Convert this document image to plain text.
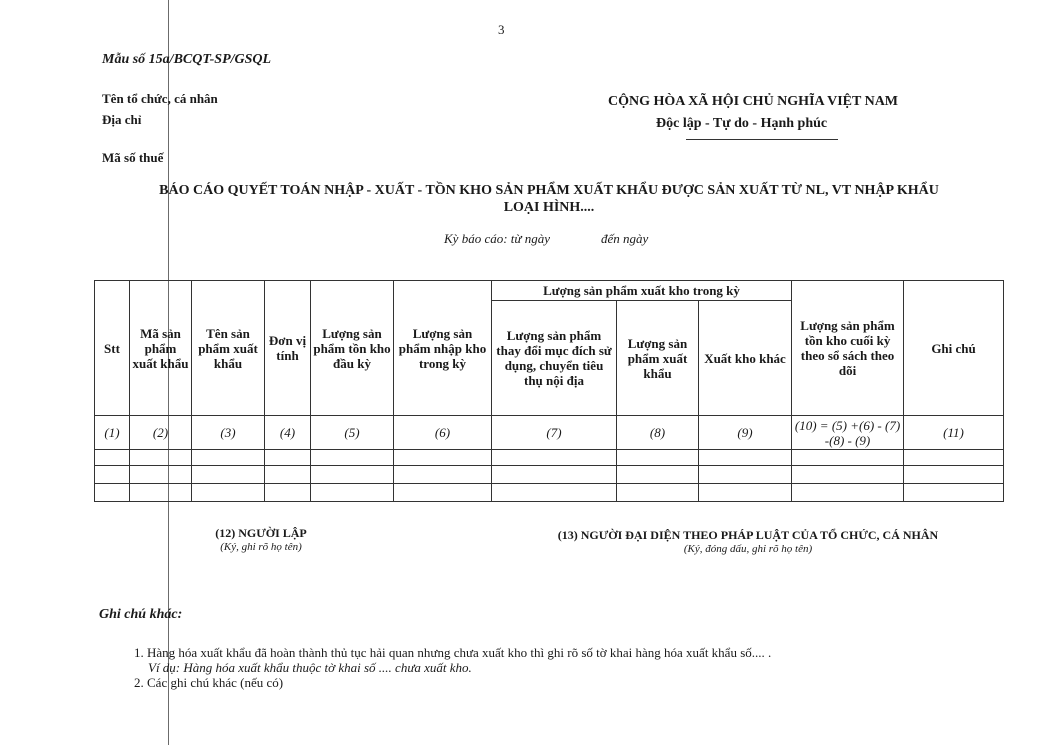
3
Mẫu số 15a/BCQT-SP/GSQL
Tên tổ chức, cá nhân
Địa chỉ
Mã số thuế
CỘNG HÒA XÃ HỘI CHỦ NGHĨA VIỆT NAM
Độc lập - Tự do - Hạnh phúc
BÁO CÁO QUYẾT TOÁN NHẬP - XUẤT - TỒN KHO SẢN PHẨM XUẤT KHẨU ĐƯỢC SẢN XUẤT TỪ NL, VT NHẬP KHẨU
LOẠI HÌNH....
Kỳ báo cáo: từ ngày	đến ngày
Stt	Mã sản phẩm xuất khẩu	Tên sản phẩm xuất khẩu	Đơn vị tính	Lượng sản phẩm tồn kho đầu kỳ	Lượng sản phẩm nhập kho trong kỳ	Lượng sản phẩm xuất kho trong kỳ			Lượng sản phẩm tồn kho cuối kỳ theo sổ sách theo dõi	Ghi chú
						Lượng sản phẩm thay đổi mục đích sử dụng, chuyển tiêu thụ nội địa	Lượng sản phẩm xuất khẩu	Xuất kho khác		
(1)	(2)	(3)	(4)	(5)	(6)	(7)	(8)	(9)	(10) = (5) +(6) - (7) -(8) - (9)	(11)

(12) NGƯỜI LẬP
(Ký, ghi rõ họ tên)
(13) NGƯỜI ĐẠI DIỆN THEO PHÁP LUẬT CỦA TỔ CHỨC, CÁ NHÂN
(Ký, đóng dấu, ghi rõ họ tên)
Ghi chú khác:
1. Hàng hóa xuất khẩu đã hoàn thành thủ tục hải quan nhưng chưa xuất kho thì ghi rõ số tờ khai hàng hóa xuất khẩu số.... .
Ví dụ: Hàng hóa xuất khẩu thuộc tờ khai số .... chưa xuất kho.
2. Các ghi chú khác (nếu có)
